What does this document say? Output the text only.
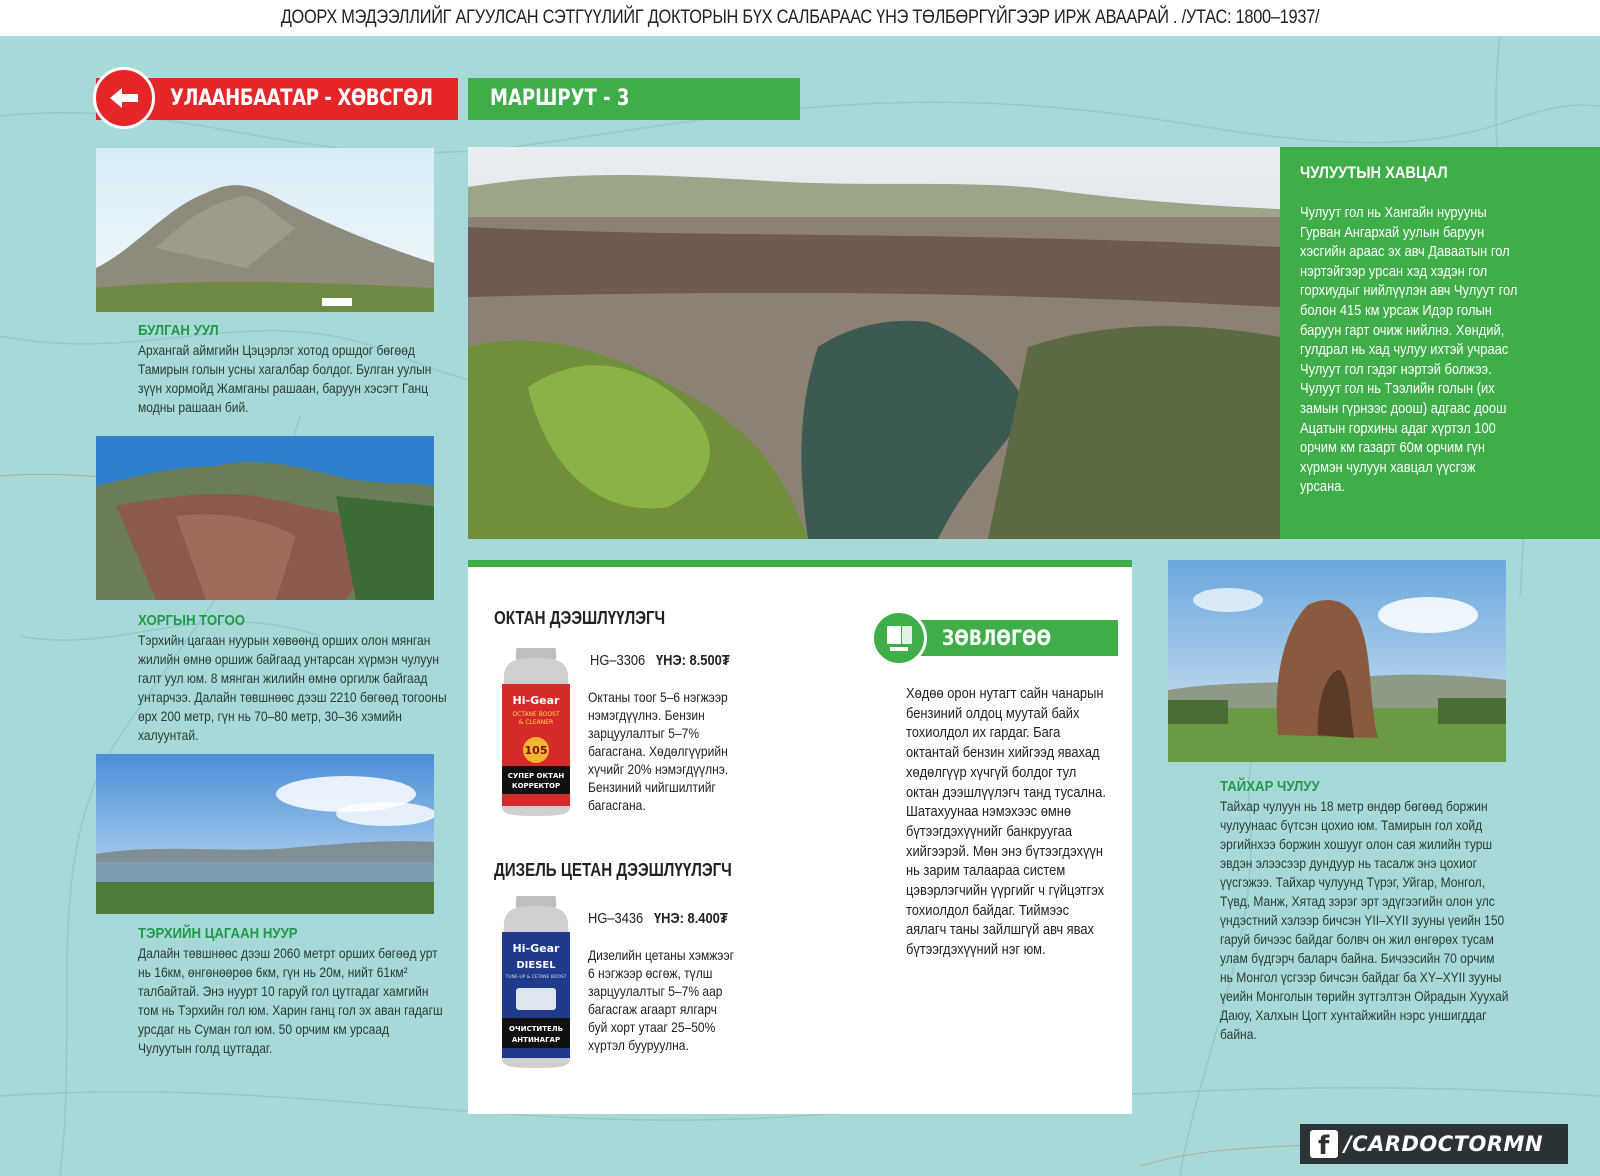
ДООРХ МЭДЭЭЛЛИЙГ АГУУЛСАН СЭТГҮҮЛИЙГ ДОКТОРЫН БҮХ САЛБАРААС ҮНЭ ТӨЛБӨРГҮЙГЭЭР ИРЖ АВААРАЙ . /УТАС: 1800–1937/
УЛААНБААТАР - ХӨВСГӨЛ	МАРШРУТ - 3
БУЛГАН УУЛ
Архангай аймгийн Цэцэрлэг хотод оршдог бөгөөд Тамирын голын усны хагалбар болдог. Булган уулын зүүн хормойд Жамганы рашаан, баруун хэсэгт Ганц модны рашаан бий.
ХОРГЫН ТОГОО
Тэрхийн цагаан нуурын хөвөөнд орших олон мянган жилийн өмнө оршиж байгаад унтарсан хүрмэн чулуун галт уул юм. 8 мянган жилийн өмнө оргилж байгаад унтарчээ. Далайн төвшнөөс дээш 2210 бөгөөд тогооны өрх 200 метр, гүн нь 70–80 метр, 30–36 хэмийн халуунтай.
ТЭРХИЙН ЦАГААН НУУР
Далайн төвшнөөс дээш 2060 метрт орших бөгөөд урт нь 16км, өнгөнөөрөө 6км, гүн нь 20м, нийт 61км² талбайтай. Энэ нуурт 10 гаруй гол цутгадаг хамгийн том нь Тэрхийн гол юм. Харин ганц гол эх аван гадагш урсдаг нь Суман гол юм. 50 орчим км урсаад Чулуутын голд цутгадаг.
ЧУЛУУТЫН ХАВЦАЛ
Чулуут гол нь Хангайн нурууны Гурван Ангархай уулын баруун хэсгийн араас эх авч Даваатын гол нэртэйгээр урсан хэд хэдэн гол горхиудыг нийлүүлэн авч Чулуут гол болон 415 км урсаж Идэр голын баруун гарт очиж нийлнэ. Хөндий, гулдрал нь хад чулуу ихтэй учраас Чулуут гол гэдэг нэртэй болжээ. Чулуут гол нь Тээлийн голын (их замын гүрнээс доош) адгаас доош Ацатын горхины адаг хүртэл 100 орчим км газарт 60м орчим гүн хүрмэн чулуун хавцал үүсгэж урсана.
ОКТАН ДЭЭШЛҮҮЛЭГЧ
Hi-Gear
OCTANE BOOST
& CLEANER
105
СУПЕР ОКТАН
КОРРЕКТОР
HG–3306 ҮНЭ: 8.500₮
Октаны тоог 5–6 нэгжээр нэмэгдүүлнэ. Бензин зарцуулалтыг 5–7% багасгана. Хөдөлгүүрийн хүчийг 20% нэмэгдүүлнэ. Бензиний чийгшилтийг багасгана.
ДИЗЕЛЬ ЦЕТАН ДЭЭШЛҮҮЛЭГЧ
Hi-Gear
DIESEL
TUNE-UP & CETANE BOOST
ОЧИСТИТЕЛЬ
АНТИНАГАР
HG–3436 ҮНЭ: 8.400₮
Дизелийн цетаны хэмжээг 6 нэгжээр өсгөж, түлш зарцуулалтыг 5–7% аар багасгаж агаарт ялгарч буй хорт утааг 25–50% хүртэл бууруулна.
ЗӨВЛӨГӨӨ
Хөдөө орон нутагт сайн чанарын бензиний олдоц муутай байх тохиолдол их гардаг. Бага октантай бензин хийгээд явахад хөдөлгүүр хүчгүй болдог тул октан дээшлүүлэгч танд тусална. Шатахуунаа нэмэхээс өмнө бүтээгдэхүүнийг банкруугаа хийгээрэй. Мөн энэ бүтээгдэхүүн нь зарим талаараа систем цэвэрлэгчийн үүргийг ч гүйцэтгэх тохиолдол байдаг. Тиймээс аялагч таны зайлшгүй авч явах бүтээгдэхүүний нэг юм.
ТАЙХАР ЧУЛУУ
Тайхар чулуун нь 18 метр өндөр бөгөөд боржин чулуунаас бүтсэн цохио юм. Тамирын гол хойд эргийнхээ боржин хошууг олон сая жилийн турш эвдэн элээсээр дундуур нь тасалж энэ цохиог үүсгэжээ. Тайхар чулуунд Түрэг, Уйгар, Монгол, Түвд, Манж, Хятад зэрэг эрт эдүгээгийн олон улс үндэстний хэлээр бичсэн YII–XYII зууны үеийн 150 гаруй бичээс байдаг болвч он жил өнгөрөх тусам улам бүдгэрч баларч байна. Бичээсийн 70 орчим нь Монгол үсгээр бичсэн байдаг ба XY–XYII зууны үеийн Монголын төрийн зүтгэлтэн Ойрадын Хуухай Даюу, Халхын Цогт хунтайжийн нэрс уншигддаг байна.
f /CARDOCTORMN
